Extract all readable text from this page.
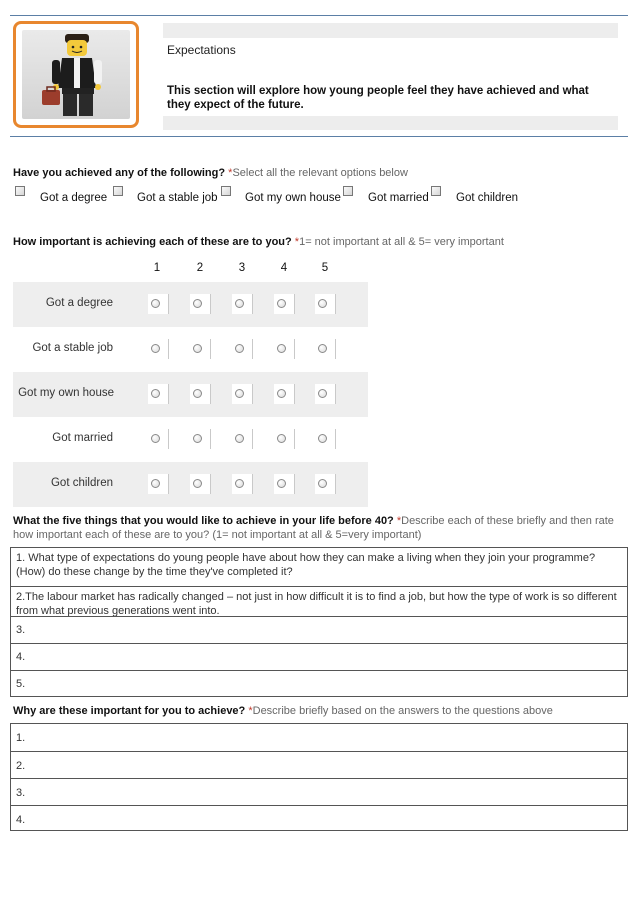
Expectations
This section will explore how young people feel they have achieved and what they expect of the future.
Have you achieved any of the following? *Select all the relevant options below
Got a degree	Got a stable job Got my own house Got married Got children
How important is achieving each of these are to you? *1= not important at all & 5= very important
1	2	3	4	5
Got a degree
Got a stable job
Got my own house
Got married
Got children
What the five things that you would like to achieve in your life before 40? *Describe each of these briefly and then rate how important each of these are to you? (1= not important at all & 5=very important)
1. What type of expectations do young people have about how they can make a living when they join your programme? (How) do these change by the time they've completed it?
2.The labour market has radically changed – not just in how difficult it is to find a job, but how the type of work is so different from what previous generations went into.
3.
4.
5.
Why are these important for you to achieve? *Describe briefly based on the answers to the questions above
1.
2.
3.
4.
